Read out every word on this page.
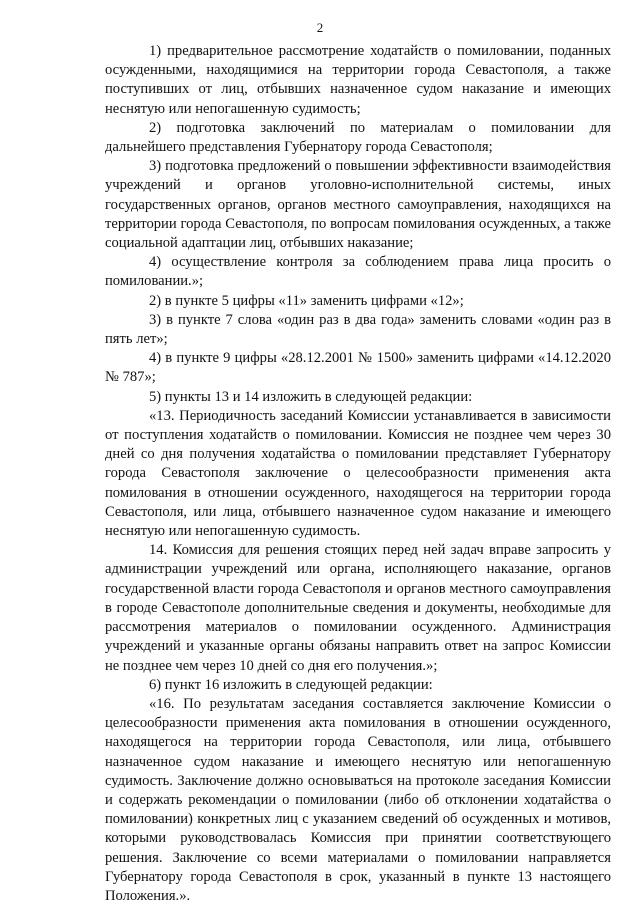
2

1) предварительное рассмотрение ходатайств о помиловании, поданных осужденными, находящимися на территории города Севастополя, а также поступивших от лиц, отбывших назначенное судом наказание и имеющих неснятую или непогашенную судимость;

2) подготовка заключений по материалам о помиловании для дальнейшего представления Губернатору города Севастополя;

3) подготовка предложений о повышении эффективности взаимодействия учреждений и органов уголовно-исполнительной системы, иных государственных органов, органов местного самоуправления, находящихся на территории города Севастополя, по вопросам помилования осужденных, а также социальной адаптации лиц, отбывших наказание;

4) осуществление контроля за соблюдением права лица просить о помиловании.»;

2) в пункте 5 цифры «11» заменить цифрами «12»;

3) в пункте 7 слова «один раз в два года» заменить словами «один раз в пять лет»;

4) в пункте 9 цифры «28.12.2001 № 1500» заменить цифрами «14.12.2020 № 787»;

5) пункты 13 и 14 изложить в следующей редакции:

«13. Периодичность заседаний Комиссии устанавливается в зависимости от поступления ходатайств о помиловании. Комиссия не позднее чем через 30 дней со дня получения ходатайства о помиловании представляет Губернатору города Севастополя заключение о целесообразности применения акта помилования в отношении осужденного, находящегося на территории города Севастополя, или лица, отбывшего назначенное судом наказание и имеющего неснятую или непогашенную судимость.

14. Комиссия для решения стоящих перед ней задач вправе запросить у администрации учреждений или органа, исполняющего наказание, органов государственной власти города Севастополя и органов местного самоуправления в городе Севастополе дополнительные сведения и документы, необходимые для рассмотрения материалов о помиловании осужденного. Администрация учреждений и указанные органы обязаны направить ответ на запрос Комиссии не позднее чем через 10 дней со дня его получения.»;

6) пункт 16 изложить в следующей редакции:

«16. По результатам заседания составляется заключение Комиссии о целесообразности применения акта помилования в отношении осужденного, находящегося на территории города Севастополя, или лица, отбывшего назначенное судом наказание и имеющего неснятую или непогашенную судимость. Заключение должно основываться на протоколе заседания Комиссии и содержать рекомендации о помиловании (либо об отклонении ходатайства о помиловании) конкретных лиц с указанием сведений об осужденных и мотивов, которыми руководствовалась Комиссия при принятии соответствующего решения. Заключение со всеми материалами о помиловании направляется Губернатору города Севастополя в срок, указанный в пункте 13 настоящего Положения.».
